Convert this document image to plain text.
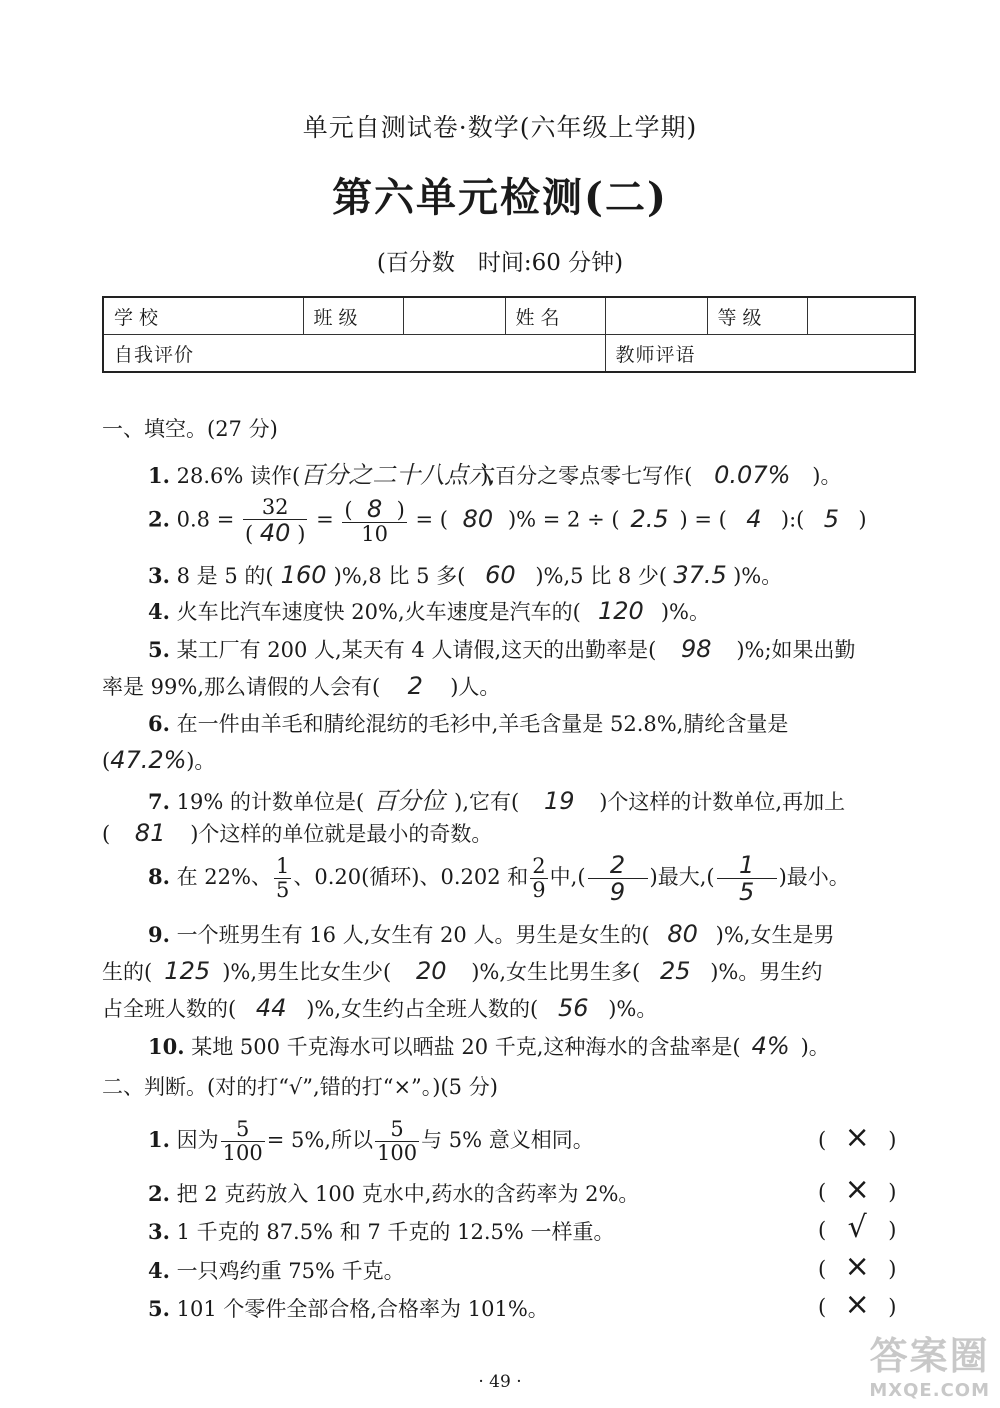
单元自测试卷·数学(六年级上学期)
第六单元检测(二)
(百分数　时间:60 分钟)
学校	班级		姓名		等级	
自我评价				教师评语		
一、填空。(27 分)
1. 28.6% 读作(百分之二十八点六),百分之零点零七写作( 0.07% )。
2. $0.8 = \frac{32}{( 40 )} = \frac{( 8 )}{10}$ = ( 80 )% = 2 ÷ ( 2.5 ) = ( 4 ):( 5 )
3. 8 是 5 的( 160 )%,8 比 5 多( 60 )%,5 比 8 少( 37.5 )%。
4. 火车比汽车速度快 20%,火车速度是汽车的( 120 )%。
5. 某工厂有 200 人,某天有 4 人请假,这天的出勤率是( 98 )%;如果出勤
率是 99%,那么请假的人会有( 2 )人。
6. 在一件由羊毛和腈纶混纺的毛衫中,羊毛含量是 52.8%,腈纶含量是
(47.2%)。
7. 19% 的计数单位是( 百分位 ),它有( 19 )个这样的计数单位,再加上
( 81 )个这样的单位就是最小的奇数。
8. 在 22%、 $\frac{1}{5}$ 、0.20(循环)、0.202 和 $\frac{2}{9}$ 中,( $\frac{2}{9}$ )最大,( $\frac{1}{5}$ )最小。
9. 一个班男生有 16 人,女生有 20 人。男生是女生的( 80 )%,女生是男
生的( 125 )%,男生比女生少( 20 )%,女生比男生多( 25 )%。男生约
占全班人数的( 44 )%,女生约占全班人数的( 56 )%。
10. 某地 500 千克海水可以晒盐 20 千克,这种海水的含盐率是( 4% )。
二、判断。(对的打“√”,错的打“×”。)(5 分)
1. 因为 $\frac{5}{100} = 5\%$,所以 $\frac{5}{100}$ 与 5% 意义相同。	( × )
2. 把 2 克药放入 100 克水中,药水的含药率为 2%。	( × )
3. 1 千克的 87.5% 和 7 千克的 12.5% 一样重。	( √ )
4. 一只鸡约重 75% 千克。	( × )
5. 101 个零件全部合格,合格率为 101%。	( × )
· 49 ·
答案圈
MXQE.COM
